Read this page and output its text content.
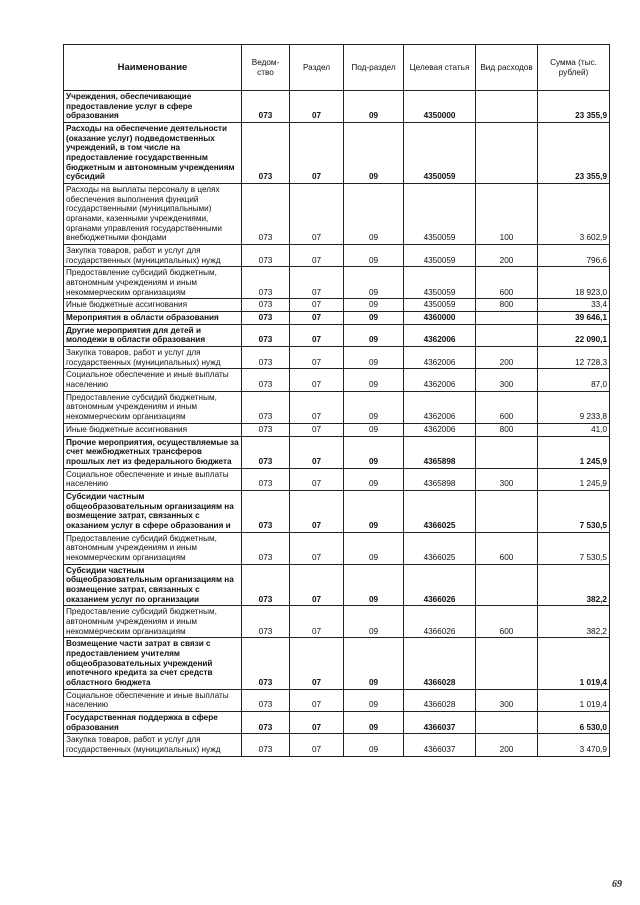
Наименование	Ведом-ство	Раздел	Под-раздел	Целевая статья	Вид расходов	Сумма (тыс. рублей)
Учреждения, обеспечивающие предоставление услуг в сфере образования	073	07	09	4350000		23 355,9
Расходы на обеспечение деятельности (оказание услуг) подведомственных учреждений, в том числе на предоставление государственным бюджетным и автономным учреждениям субсидий	073	07	09	4350059		23 355,9
Расходы на выплаты персоналу в целях обеспечения выполнения функций государственными (муниципальными) органами, казенными учреждениями, органами управления государственными внебюджетными фондами	073	07	09	4350059	100	3 602,9
Закупка товаров, работ и услуг для государственных (муниципальных) нужд	073	07	09	4350059	200	796,6
Предоставление субсидий бюджетным, автономным учреждениям и иным некоммерческим организациям	073	07	09	4350059	600	18 923,0
Иные бюджетные ассигнования	073	07	09	4350059	800	33,4
Мероприятия в области образования	073	07	09	4360000		39 646,1
Другие мероприятия для детей и молодежи в области образования	073	07	09	4362006		22 090,1
Закупка товаров, работ и услуг для государственных (муниципальных) нужд	073	07	09	4362006	200	12 728,3
Социальное обеспечение и иные выплаты населению	073	07	09	4362006	300	87,0
Предоставление субсидий бюджетным, автономным учреждениям и иным некоммерческим организациям	073	07	09	4362006	600	9 233,8
Иные бюджетные ассигнования	073	07	09	4362006	800	41,0
Прочие мероприятия, осуществляемые за счет межбюджетных трансферов прошлых лет из федерального бюджета	073	07	09	4365898		1 245,9
Социальное обеспечение и иные выплаты населению	073	07	09	4365898	300	1 245,9
Субсидии частным общеобразовательным организациям на возмещение затрат, связанных с оказанием услуг в сфере образования и	073	07	09	4366025		7 530,5
Предоставление субсидий бюджетным, автономным учреждениям и иным некоммерческим организациям	073	07	09	4366025	600	7 530,5
Субсидии частным общеобразовательным организациям на возмещение затрат, связанных с оказанием услуг по организации	073	07	09	4366026		382,2
Предоставление субсидий бюджетным, автономным учреждениям и иным некоммерческим организациям	073	07	09	4366026	600	382,2
Возмещение части затрат в связи с предоставлением учителям общеобразовательных учреждений ипотечного кредита за счет средств областного бюджета	073	07	09	4366028		1 019,4
Социальное обеспечение и иные выплаты населению	073	07	09	4366028	300	1 019,4
Государственная поддержка в сфере образования	073	07	09	4366037		6 530,0
Закупка товаров, работ и услуг для государственных (муниципальных) нужд	073	07	09	4366037	200	3 470,9
69
